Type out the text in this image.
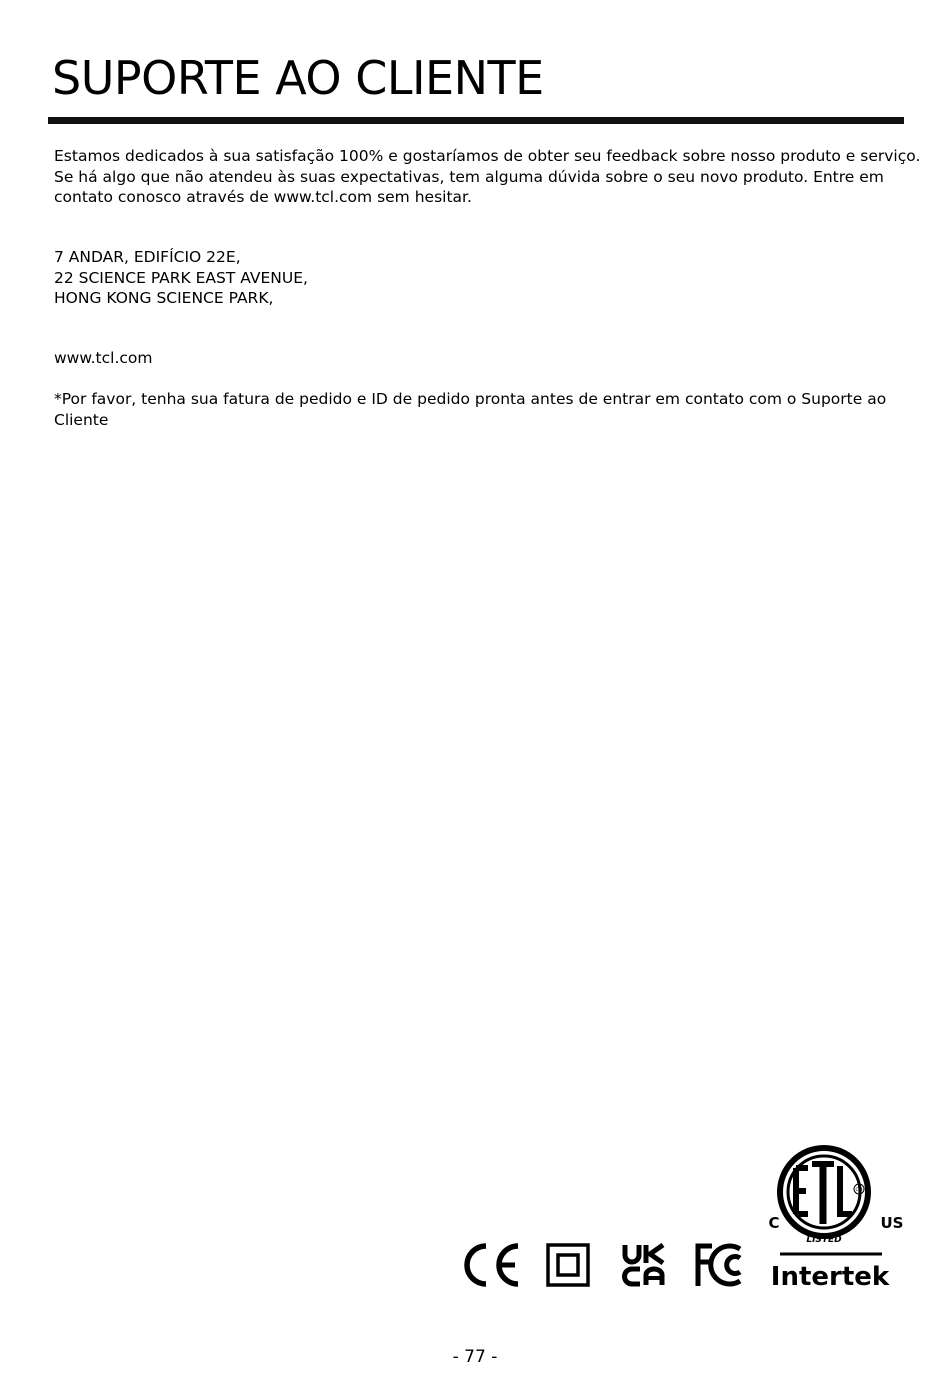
SUPORTE AO CLIENTE

Estamos dedicados à sua satisfação 100% e gostaríamos de obter seu feedback sobre nosso produto e serviço. Se há algo que não atendeu às suas expectativas, tem alguma dúvida sobre o seu novo produto. Entre em contato conosco através de www.tcl.com sem hesitar.

7 ANDAR, EDIFÍCIO 22E,
22 SCIENCE PARK EAST AVENUE,
HONG KONG SCIENCE PARK,

www.tcl.com

*Por favor, tenha sua fatura de pedido e ID de pedido pronta antes de entrar em contato com o Suporte ao Cliente

CM
LISTED
C	US
Intertek
- 77 -
